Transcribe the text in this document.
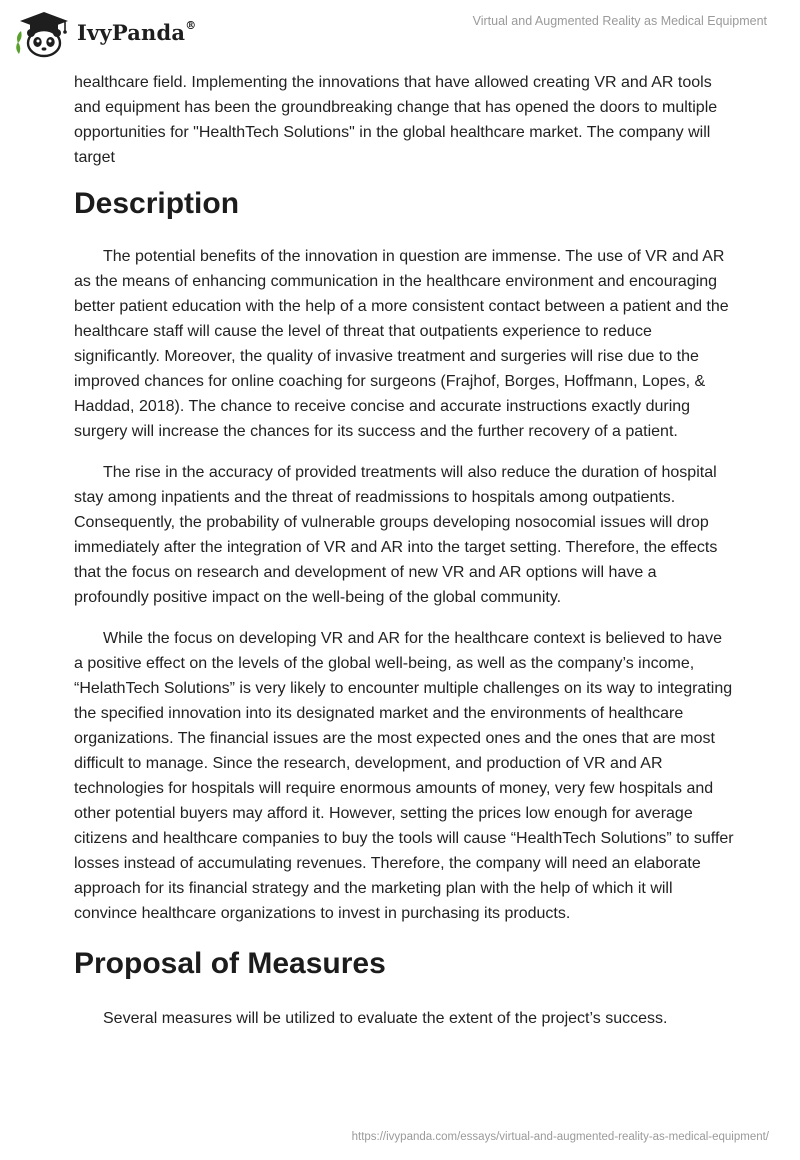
IvyPanda®	Virtual and Augmented Reality as Medical Equipment

healthcare field. Implementing the innovations that have allowed creating VR and AR tools and equipment has been the groundbreaking change that has opened the doors to multiple opportunities for "HealthTech Solutions" in the global healthcare market. The company will target

Description

The potential benefits of the innovation in question are immense. The use of VR and AR as the means of enhancing communication in the healthcare environment and encouraging better patient education with the help of a more consistent contact between a patient and the healthcare staff will cause the level of threat that outpatients experience to reduce significantly. Moreover, the quality of invasive treatment and surgeries will rise due to the improved chances for online coaching for surgeons (Frajhof, Borges, Hoffmann, Lopes, & Haddad, 2018). The chance to receive concise and accurate instructions exactly during surgery will increase the chances for its success and the further recovery of a patient.

The rise in the accuracy of provided treatments will also reduce the duration of hospital stay among inpatients and the threat of readmissions to hospitals among outpatients. Consequently, the probability of vulnerable groups developing nosocomial issues will drop immediately after the integration of VR and AR into the target setting. Therefore, the effects that the focus on research and development of new VR and AR options will have a profoundly positive impact on the well-being of the global community.

While the focus on developing VR and AR for the healthcare context is believed to have a positive effect on the levels of the global well-being, as well as the company’s income, “HelathTech Solutions” is very likely to encounter multiple challenges on its way to integrating the specified innovation into its designated market and the environments of healthcare organizations. The financial issues are the most expected ones and the ones that are most difficult to manage. Since the research, development, and production of VR and AR technologies for hospitals will require enormous amounts of money, very few hospitals and other potential buyers may afford it. However, setting the prices low enough for average citizens and healthcare companies to buy the tools will cause “HealthTech Solutions” to suffer losses instead of accumulating revenues. Therefore, the company will need an elaborate approach for its financial strategy and the marketing plan with the help of which it will convince healthcare organizations to invest in purchasing its products.

Proposal of Measures

Several measures will be utilized to evaluate the extent of the project’s success.

https://ivypanda.com/essays/virtual-and-augmented-reality-as-medical-equipment/
